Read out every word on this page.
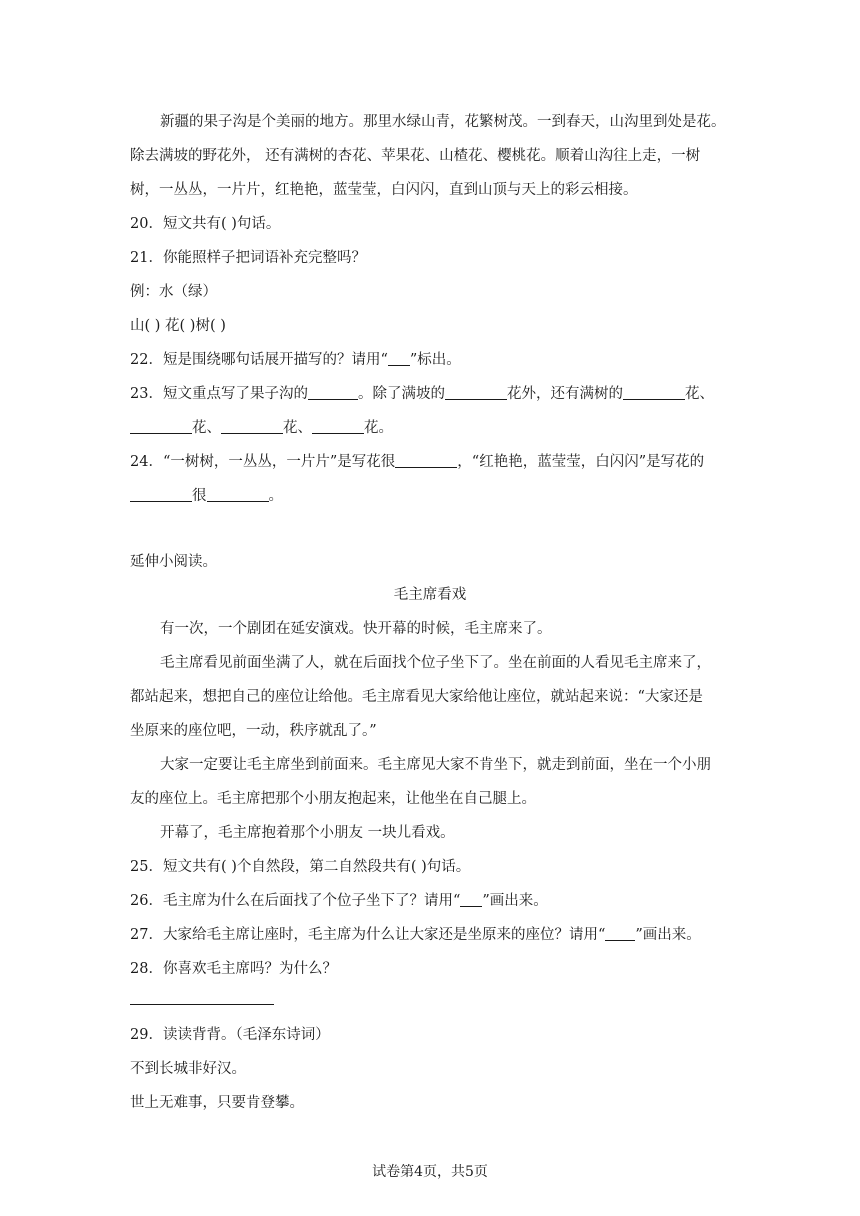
新疆的果子沟是个美丽的地方。那里水绿山青，花繁树茂。一到春天，山沟里到处是花。
除去满坡的野花外， 还有满树的杏花、苹果花、山楂花、樱桃花。顺着山沟往上走，一树
树，一丛丛，一片片，红艳艳，蓝莹莹，白闪闪，直到山顶与天上的彩云相接。
20．短文共有( )句话。
21．你能照样子把词语补充完整吗？
例：水（绿）
山( ) 花( )树( )
22．短是围绕哪句话展开描写的？请用“ ”标出。
23．短文重点写了果子沟的	。除了满坡的	花外，还有满树的	花、
花、	花、	花。
24．“一树树，一丛丛，一片片”是写花很	，“红艳艳，蓝莹莹，白闪闪”是写花的
很	。
延伸小阅读。
毛主席看戏
有一次，一个剧团在延安演戏。快开幕的时候，毛主席来了。
毛主席看见前面坐满了人，就在后面找个位子坐下了。坐在前面的人看见毛主席来了，
都站起来，想把自己的座位让给他。毛主席看见大家给他让座位，就站起来说：“大家还是
坐原来的座位吧，一动，秩序就乱了。”
大家一定要让毛主席坐到前面来。毛主席见大家不肯坐下，就走到前面，坐在一个小朋
友的座位上。毛主席把那个小朋友抱起来，让他坐在自己腿上。
开幕了，毛主席抱着那个小朋友 一块儿看戏。
25．短文共有( )个自然段，第二自然段共有( )句话。
26．毛主席为什么在后面找了个位子坐下了？请用“ ”画出来。
27．大家给毛主席让座时，毛主席为什么让大家还是坐原来的座位？请用“ ”画出来。
28．你喜欢毛主席吗？为什么？
29．读读背背。（毛泽东诗词）
不到长城非好汉。
世上无难事，只要肯登攀。
试卷第4页，共5页
